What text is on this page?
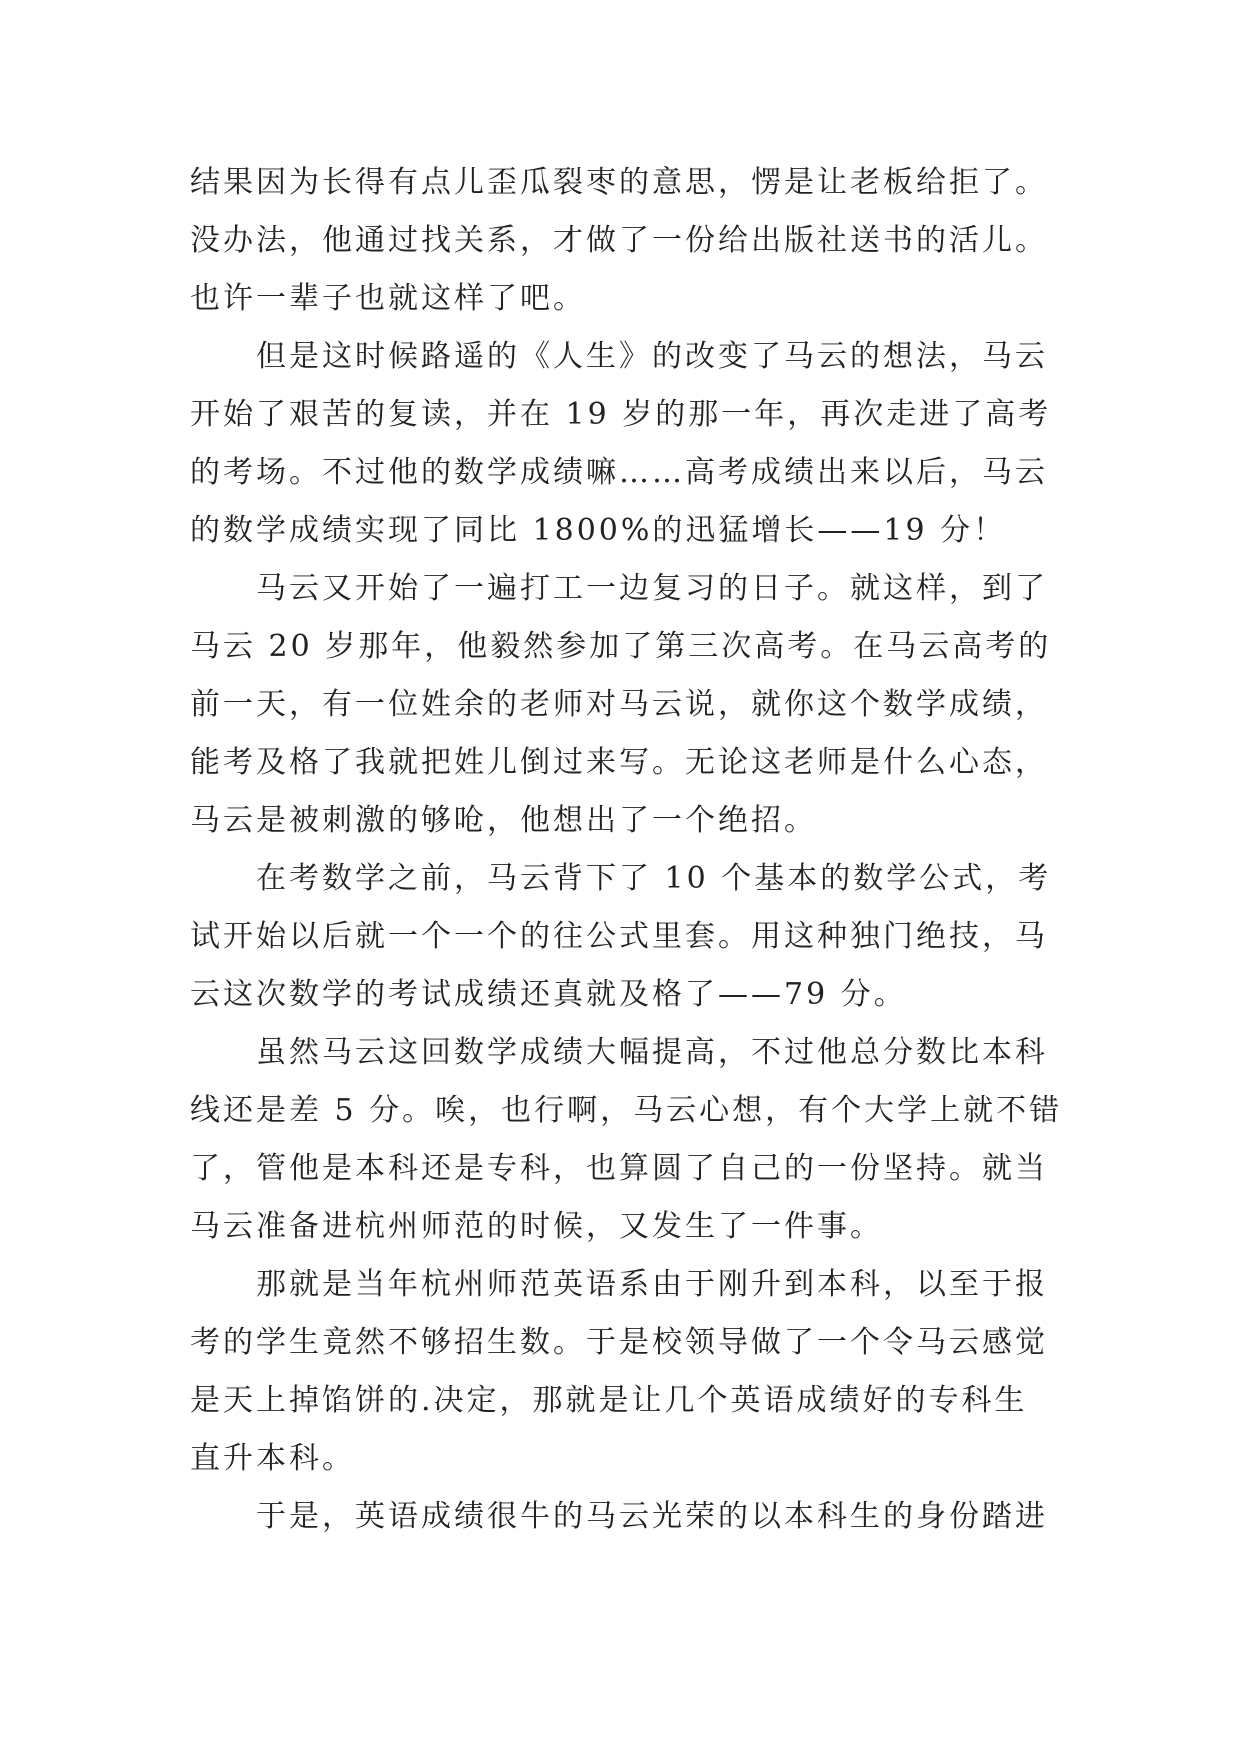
结果因为长得有点儿歪瓜裂枣的意思，愣是让老板给拒了。

没办法，他通过找关系，才做了一份给出版社送书的活儿。

也许一辈子也就这样了吧。

但是这时候路遥的《人生》的改变了马云的想法，马云

开始了艰苦的复读，并在 19 岁的那一年，再次走进了高考

的考场。不过他的数学成绩嘛……高考成绩出来以后，马云

的数学成绩实现了同比 1800%的迅猛增长——19 分！

马云又开始了一遍打工一边复习的日子。就这样，到了

马云 20 岁那年，他毅然参加了第三次高考。在马云高考的

前一天，有一位姓余的老师对马云说，就你这个数学成绩，

能考及格了我就把姓儿倒过来写。无论这老师是什么心态，

马云是被刺激的够呛，他想出了一个绝招。

在考数学之前，马云背下了 10 个基本的数学公式，考

试开始以后就一个一个的往公式里套。用这种独门绝技，马

云这次数学的考试成绩还真就及格了——79 分。

虽然马云这回数学成绩大幅提高，不过他总分数比本科

线还是差 5 分。唉，也行啊，马云心想，有个大学上就不错

了，管他是本科还是专科，也算圆了自己的一份坚持。就当

马云准备进杭州师范的时候，又发生了一件事。

那就是当年杭州师范英语系由于刚升到本科，以至于报

考的学生竟然不够招生数。于是校领导做了一个令马云感觉

是天上掉馅饼的.决定，那就是让几个英语成绩好的专科生

直升本科。

于是，英语成绩很牛的马云光荣的以本科生的身份踏进
